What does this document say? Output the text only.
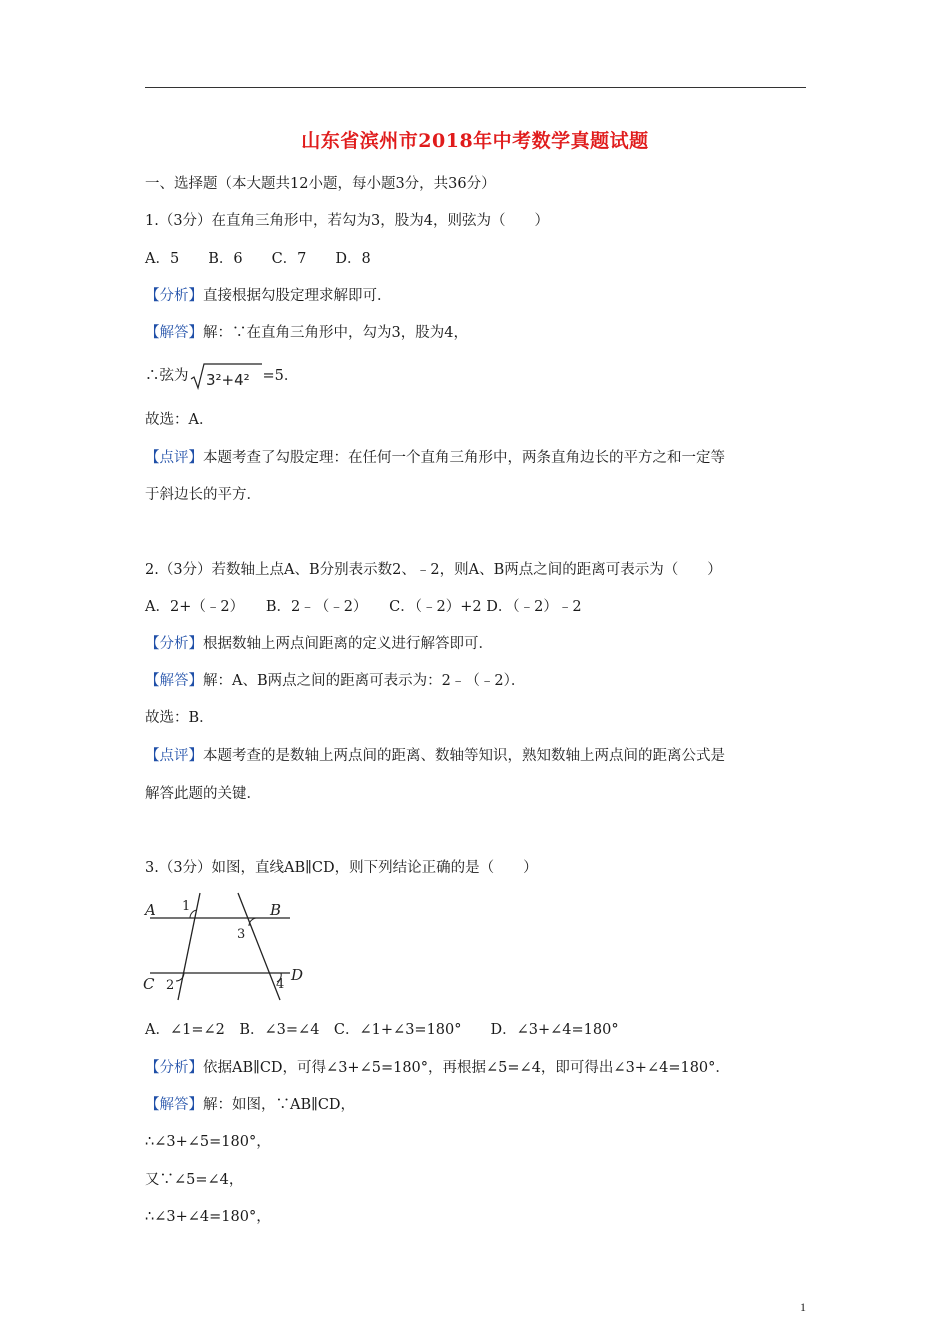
山东省滨州市2018年中考数学真题试题
一、选择题（本大题共12小题，每小题3分，共36分）
1.（3分）在直角三角形中，若勾为3，股为4，则弦为（　　）
A．5　　B．6　　C．7　　D．8
【分析】直接根据勾股定理求解即可．
【解答】解：∵在直角三角形中，勾为3，股为4，
∴弦为 3²+4² =5．
故选：A．
【点评】本题考查了勾股定理：在任何一个直角三角形中，两条直角边长的平方之和一定等
于斜边长的平方．
2.（3分）若数轴上点A、B分别表示数2、﹣2，则A、B两点之间的距离可表示为（　　）
A．2+（﹣2）　　B．2﹣（﹣2）　　C．（﹣2）+2 D．（﹣2）﹣2
【分析】根据数轴上两点间距离的定义进行解答即可．
【解答】解：A、B两点之间的距离可表示为：2﹣（﹣2）．
故选：B．
【点评】本题考查的是数轴上两点间的距离、数轴等知识，熟知数轴上两点间的距离公式是
解答此题的关键．
3.（3分）如图，直线AB∥CD，则下列结论正确的是（　　）
A	B
C	D
1
3
2	4
A．∠1=∠2　B．∠3=∠4　C．∠1+∠3=180°　　D．∠3+∠4=180°
【分析】依据AB∥CD，可得∠3+∠5=180°，再根据∠5=∠4，即可得出∠3+∠4=180°．
【解答】解：如图，∵AB∥CD，
∴∠3+∠5=180°，
又∵∠5=∠4，
∴∠3+∠4=180°，
1
